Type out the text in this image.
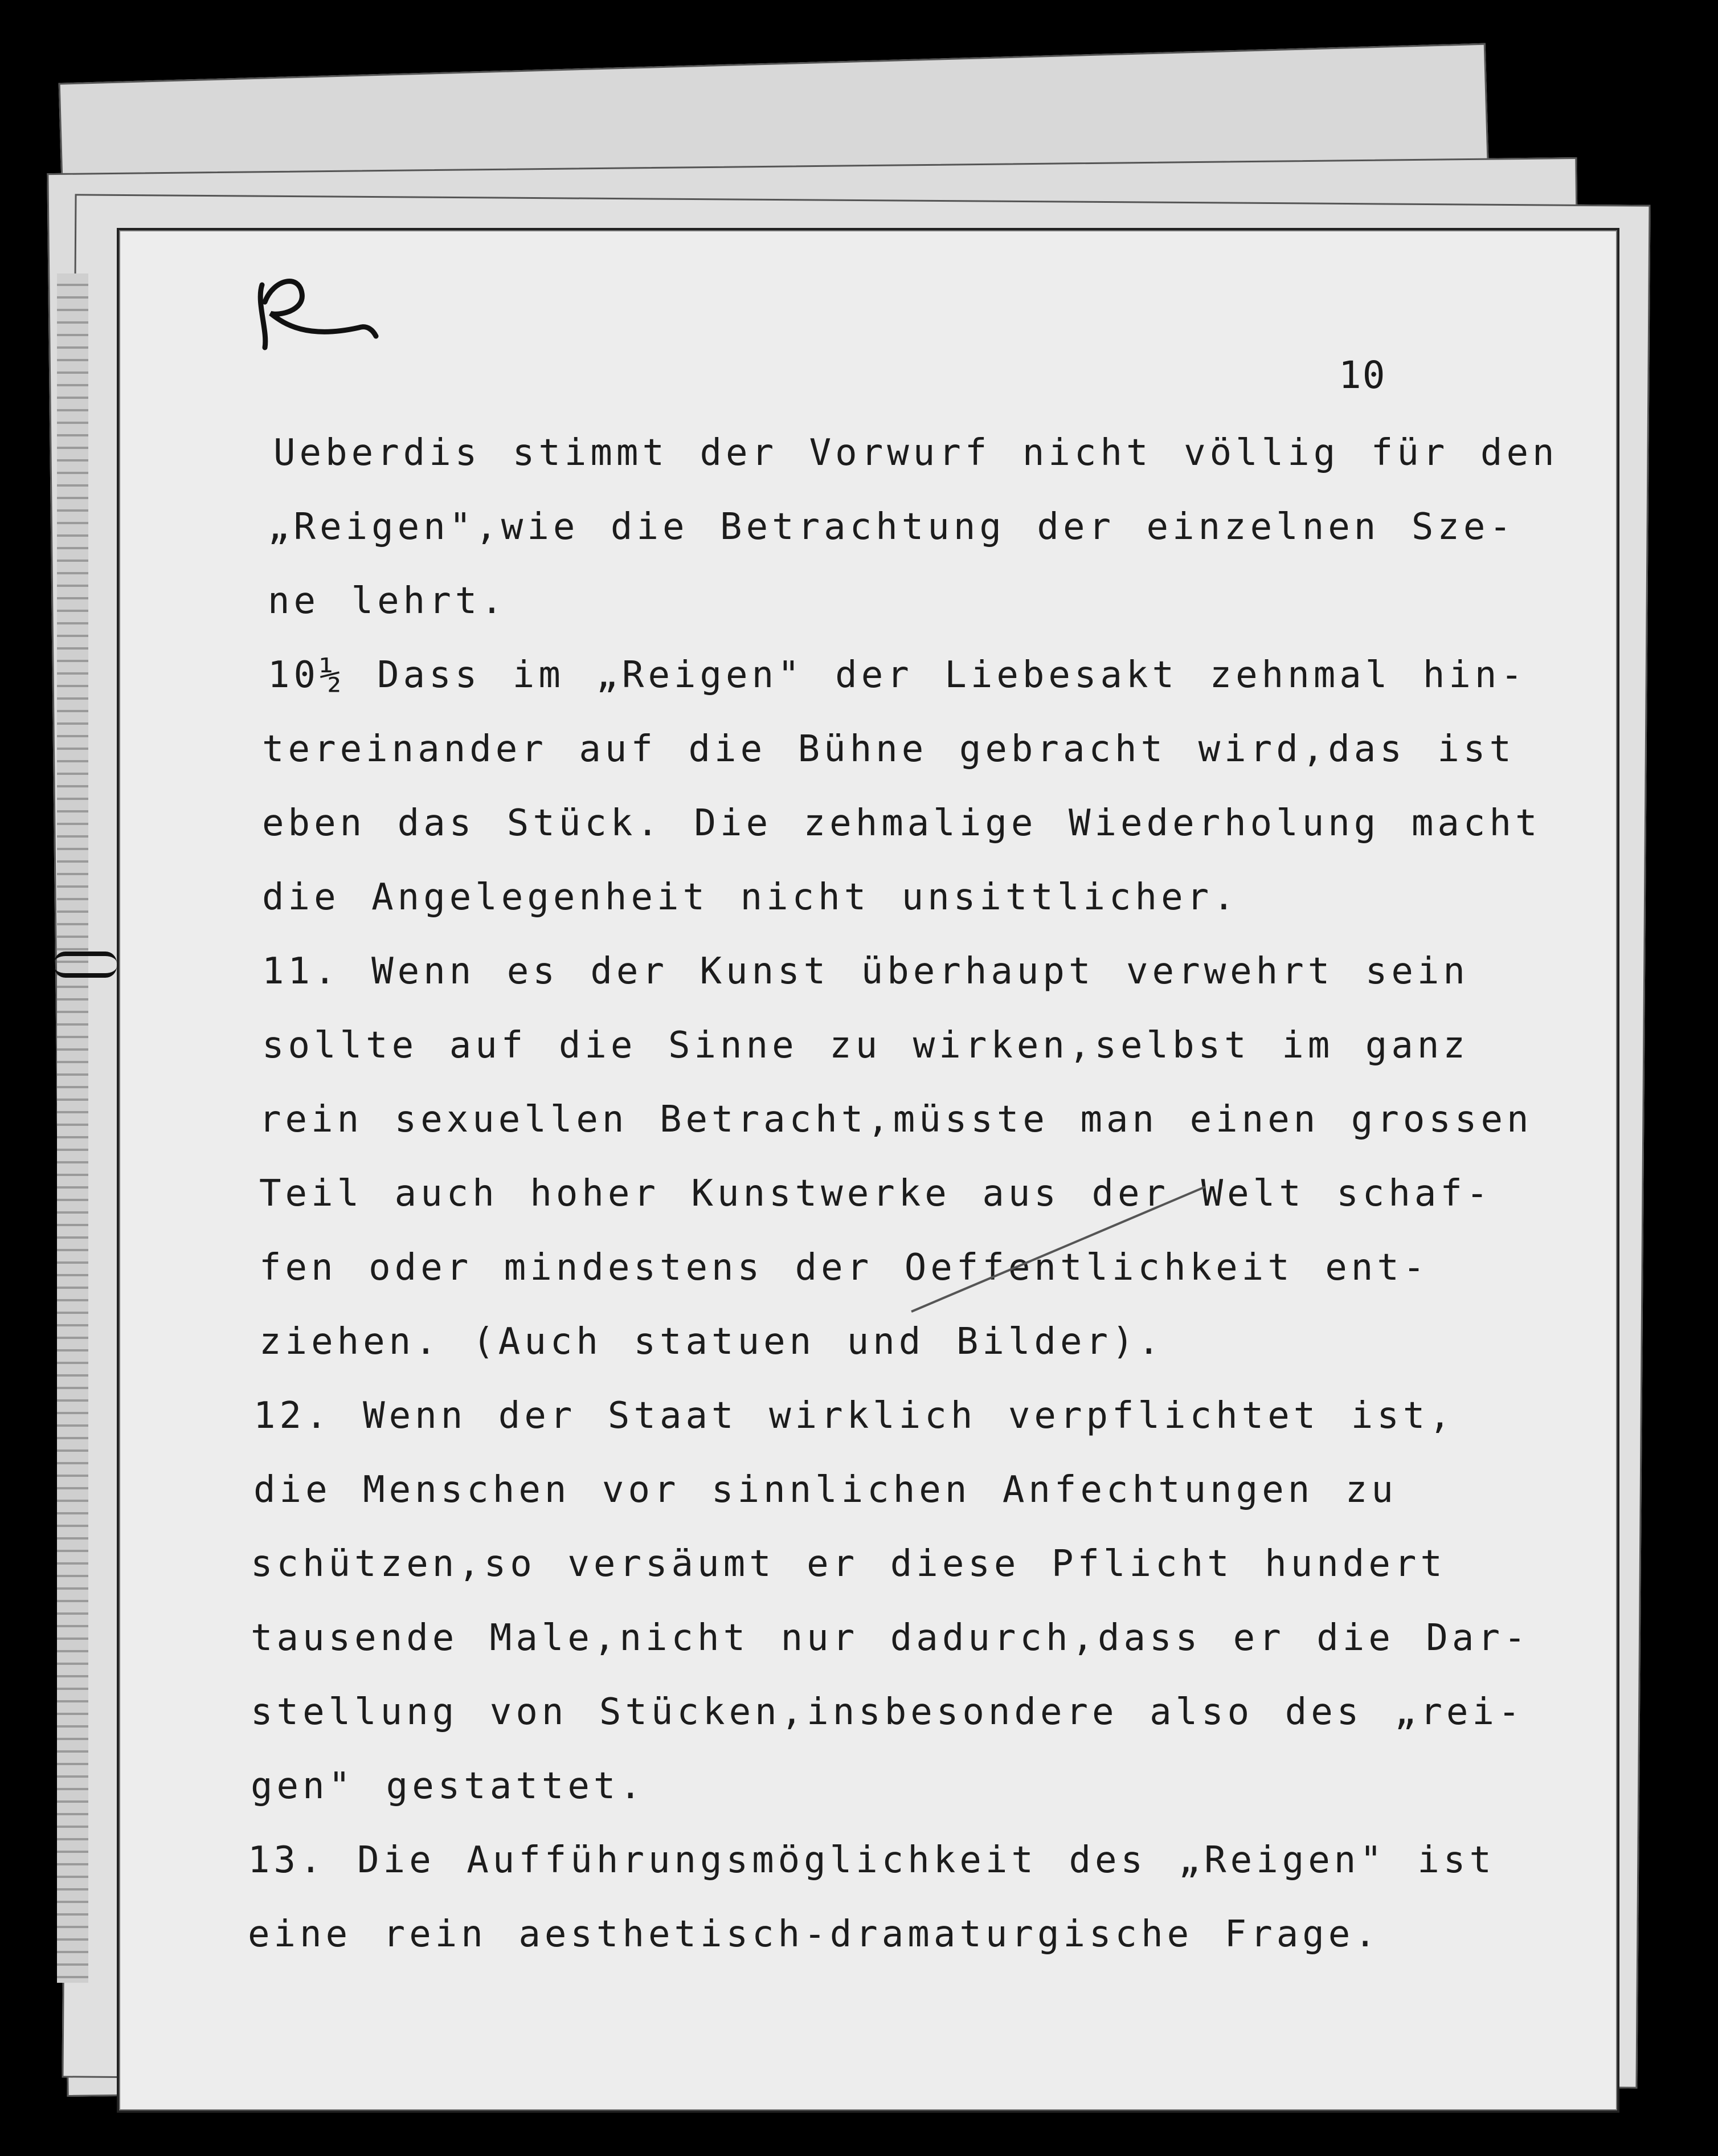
10
Ueberdis stimmt der Vorwurf nicht völlig für den
„Reigen",wie die Betrachtung der einzelnen Sze-
ne lehrt.
10½ Dass im „Reigen" der Liebesakt zehnmal hin-
tereinander auf die Bühne gebracht wird,das ist
eben das Stück. Die zehmalige Wiederholung macht
die Angelegenheit nicht unsittlicher.
11. Wenn es der Kunst überhaupt verwehrt sein
sollte auf die Sinne zu wirken,selbst im ganz
rein sexuellen Betracht,müsste man einen grossen
Teil auch hoher Kunstwerke aus der Welt schaf-
fen oder mindestens der Oeffentlichkeit ent-
ziehen. (Auch statuen und Bilder).
12. Wenn der Staat wirklich verpflichtet ist,
die Menschen vor sinnlichen Anfechtungen zu
schützen,so versäumt er diese Pflicht hundert
tausende Male,nicht nur dadurch,dass er die Dar-
stellung von Stücken,insbesondere also des „rei-
gen" gestattet.
13. Die Aufführungsmöglichkeit des „Reigen" ist
eine rein aesthetisch-dramaturgische Frage.
